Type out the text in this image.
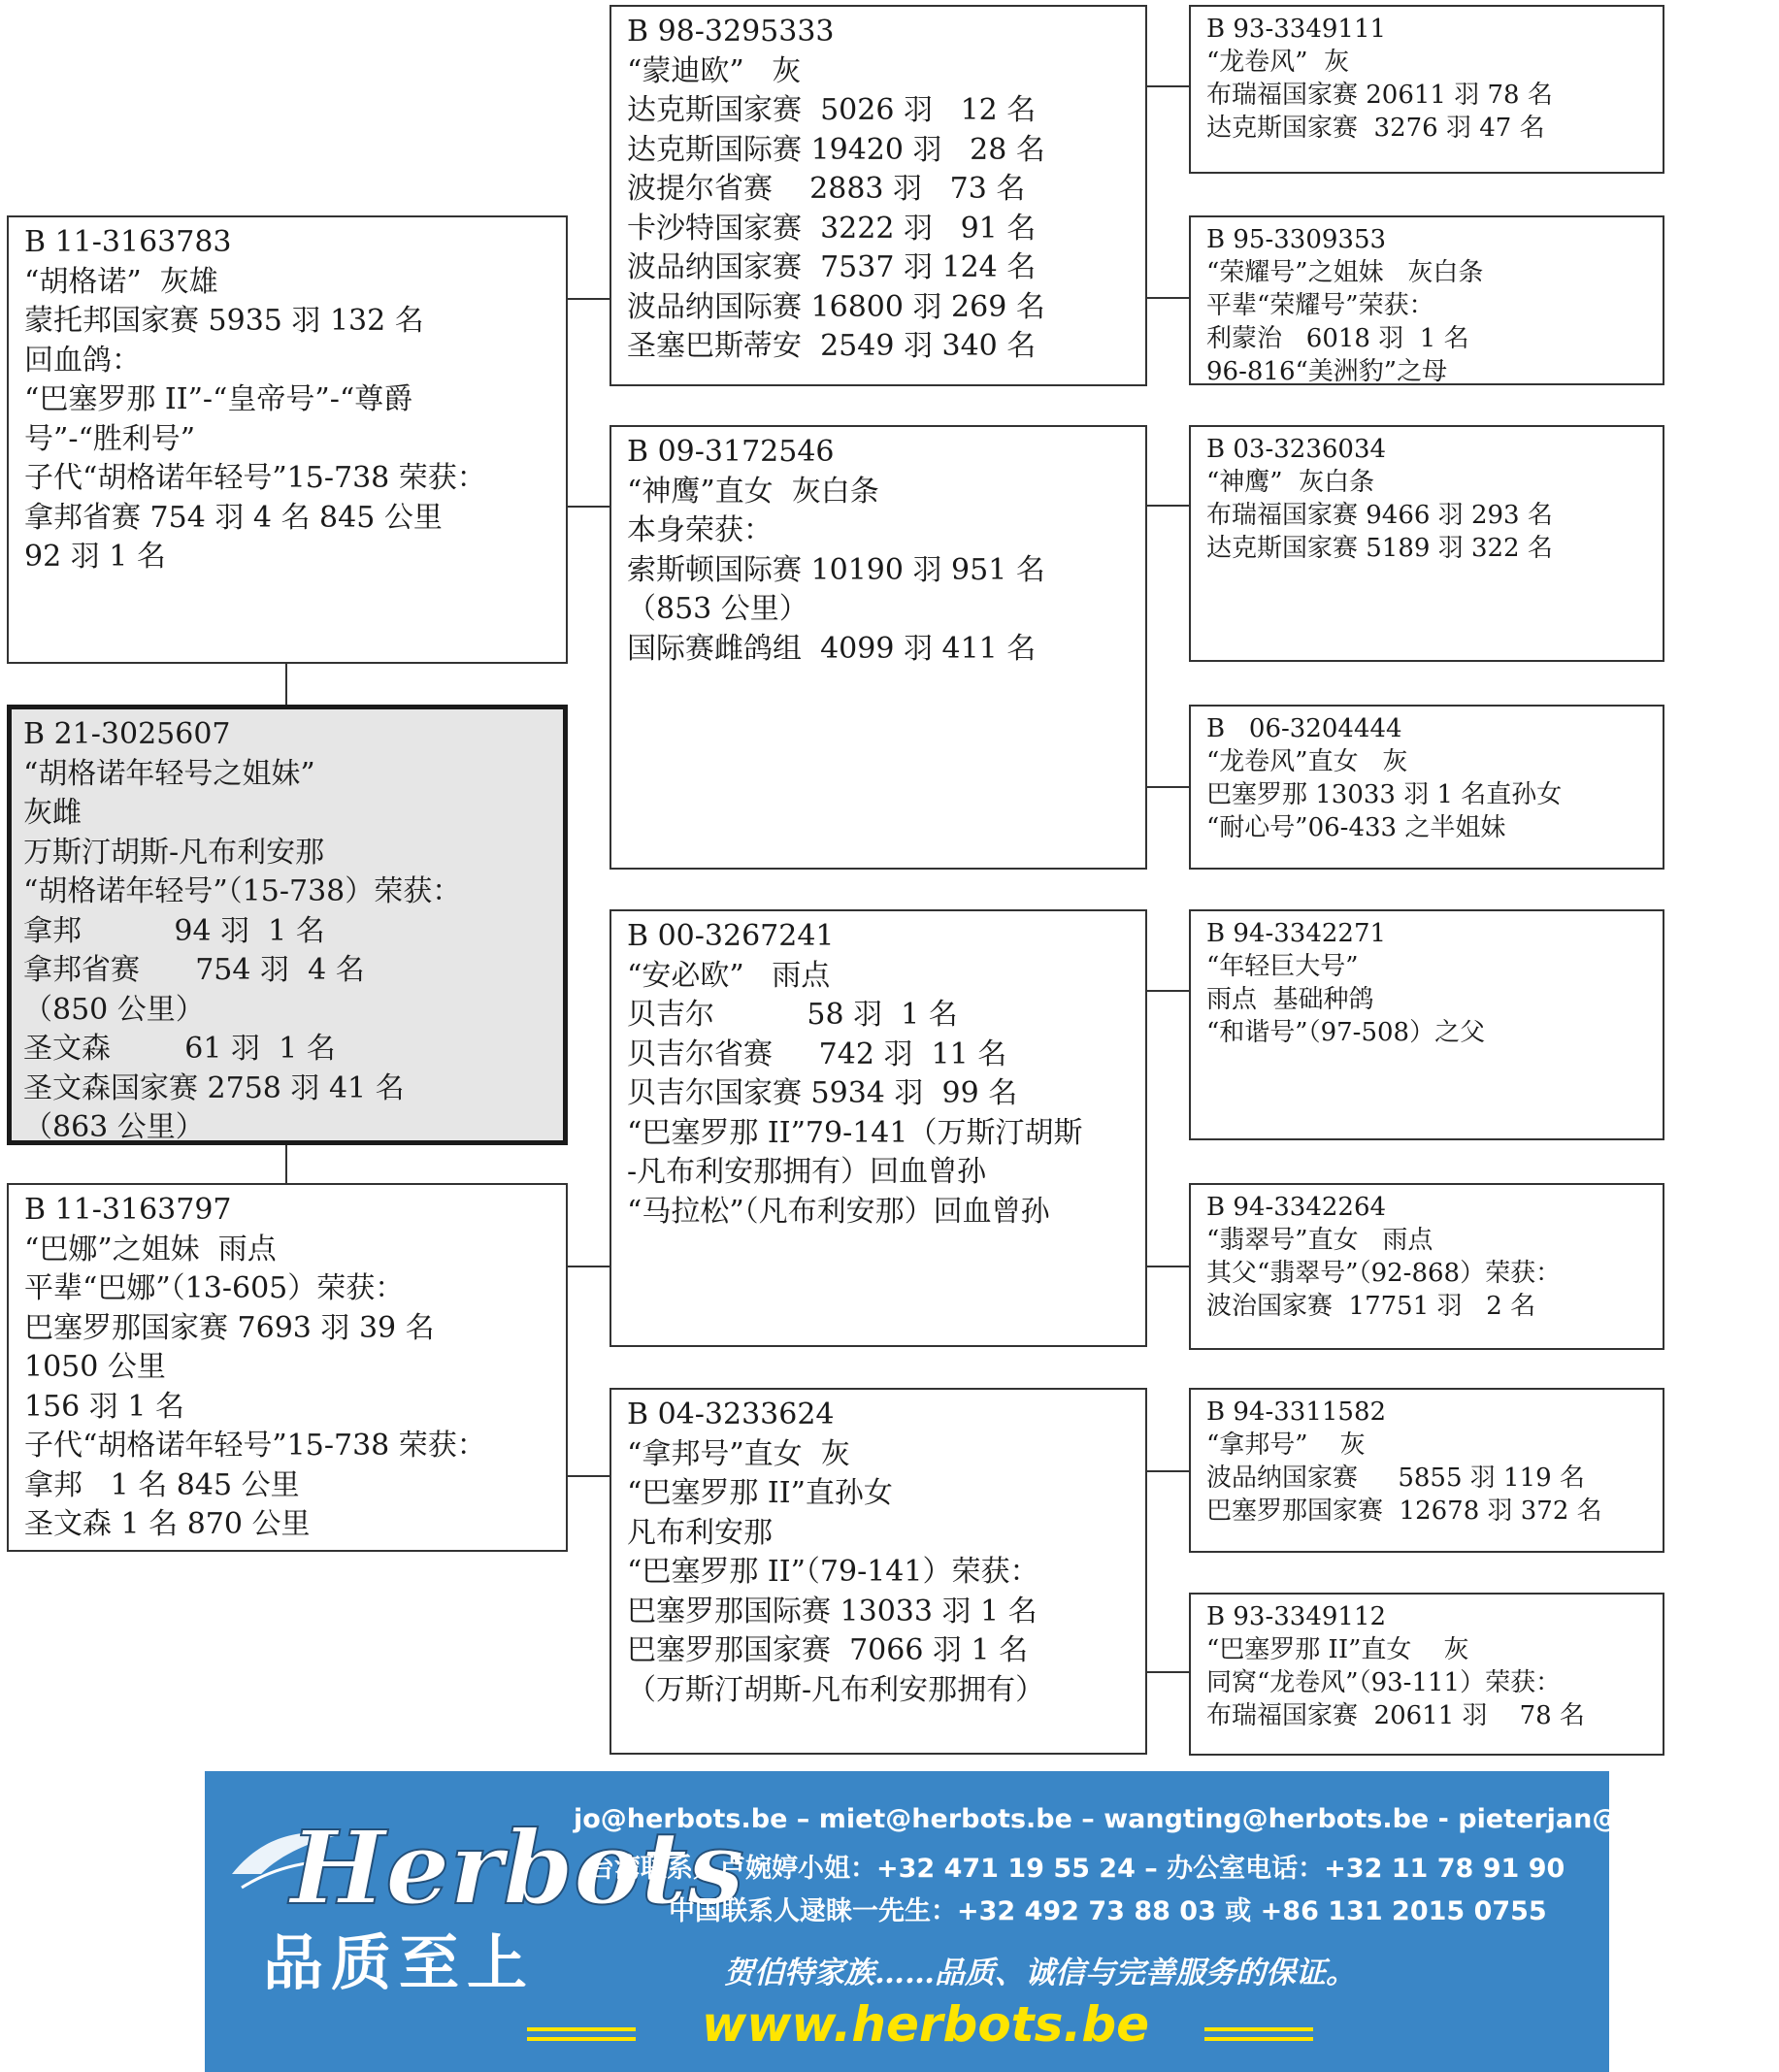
B 11-3163783
“胡格诺”  灰雄
蒙托邦国家赛 5935 羽 132 名
回血鸽：
“巴塞罗那 II”-“皇帝号”-“尊爵
号”-“胜利号”
子代“胡格诺年轻号”15-738 荣获：
拿邦省赛 754 羽 4 名 845 公里
92 羽 1 名
B 21-3025607
“胡格诺年轻号之姐妹”
灰雌
万斯汀胡斯-凡布利安那
“胡格诺年轻号”（15-738）荣获：
拿邦          94 羽  1 名
拿邦省赛      754 羽  4 名
（850 公里）
圣文森        61 羽  1 名
圣文森国家赛 2758 羽 41 名
（863 公里）
B 11-3163797
“巴娜”之姐妹  雨点
平辈“巴娜”（13-605）荣获：
巴塞罗那国家赛 7693 羽 39 名
1050 公里
156 羽 1 名
子代“胡格诺年轻号”15-738 荣获：
拿邦   1 名 845 公里
圣文森 1 名 870 公里
B 98-3295333
“蒙迪欧”   灰
达克斯国家赛  5026 羽   12 名
达克斯国际赛 19420 羽   28 名
波提尔省赛    2883 羽   73 名
卡沙特国家赛  3222 羽   91 名
波品纳国家赛  7537 羽 124 名
波品纳国际赛 16800 羽 269 名
圣塞巴斯蒂安  2549 羽 340 名
B 09-3172546
“神鹰”直女  灰白条
本身荣获：
索斯顿国际赛 10190 羽 951 名
（853 公里）
国际赛雌鸽组  4099 羽 411 名
B 00-3267241
“安必欧”   雨点
贝吉尔          58 羽  1 名
贝吉尔省赛     742 羽  11 名
贝吉尔国家赛 5934 羽  99 名
“巴塞罗那 II”79-141（万斯汀胡斯
-凡布利安那拥有）回血曾孙
“马拉松”（凡布利安那）回血曾孙
B 04-3233624
“拿邦号”直女  灰
“巴塞罗那 II”直孙女
凡布利安那
“巴塞罗那 II”（79-141）荣获：
巴塞罗那国际赛 13033 羽 1 名
巴塞罗那国家赛  7066 羽 1 名
（万斯汀胡斯-凡布利安那拥有）
B 93-3349111
“龙卷风”  灰
布瑞福国家赛 20611 羽 78 名
达克斯国家赛  3276 羽 47 名
B 95-3309353
“荣耀号”之姐妹   灰白条
平辈“荣耀号”荣获：
利蒙治   6018 羽  1 名
96-816“美洲豹”之母
B 03-3236034
“神鹰”  灰白条
布瑞福国家赛 9466 羽 293 名
达克斯国家赛 5189 羽 322 名
B   06-3204444
“龙卷风”直女   灰
巴塞罗那 13033 羽 1 名直孙女
“耐心号”06-433 之半姐妹
B 94-3342271
“年轻巨大号”
雨点  基础种鸽
“和谐号”（97-508）之父
B 94-3342264
“翡翠号”直女   雨点
其父“翡翠号”（92-868）荣获：
波治国家赛  17751 羽   2 名
B 94-3311582
“拿邦号”    灰
波品纳国家赛     5855 羽 119 名
巴塞罗那国家赛  12678 羽 372 名
B 93-3349112
“巴塞罗那 II”直女    灰
同窝“龙卷风”（93-111）荣获：
布瑞福国家赛  20611 羽    78 名
Herbots
品质至上
jo@herbots.be – miet@herbots.be – wangting@herbots.be - pieterjan@herbots.be
台湾联系人卢婉婷小姐：+32 471 19 55 24 – 办公室电话：+32 11 78 91 90
中国联系人逯睐一先生：+32 492 73 88 03 或 +86 131 2015 0755
贺伯特家族……品质、诚信与完善服务的保证。
www.herbots.be
